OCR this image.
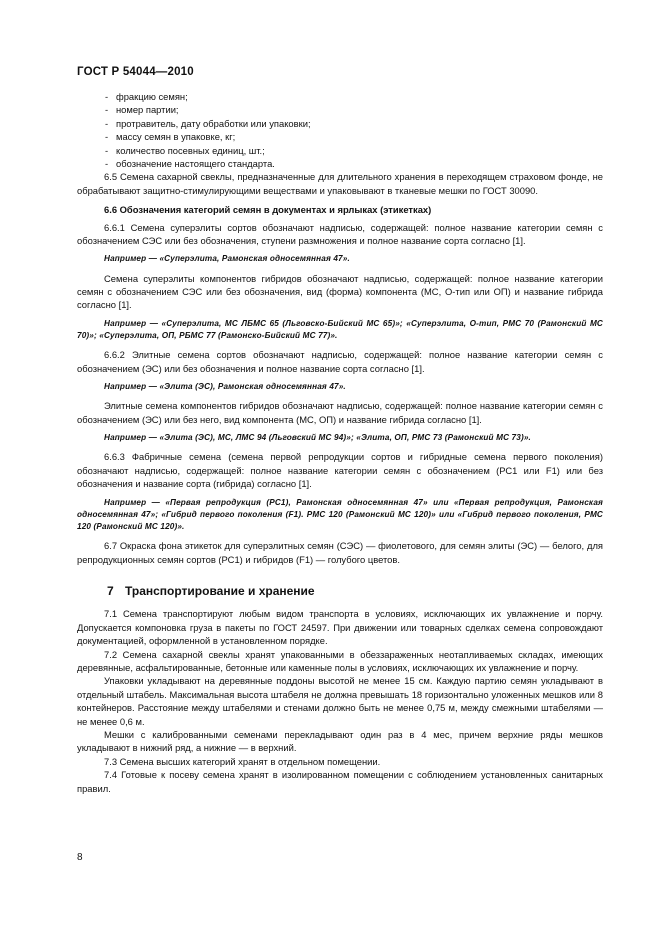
ГОСТ Р 54044—2010

- фракцию семян;

- номер партии;

- протравитель, дату обработки или упаковки;

- массу семян в упаковке, кг;

- количество посевных единиц, шт.;

- обозначение настоящего стандарта.

6.5 Семена сахарной свеклы, предназначенные для длительного хранения в переходящем страховом фонде, не обрабатывают защитно-стимулирующими веществами и упаковывают в тканевые мешки по ГОСТ 30090.

6.6 Обозначения категорий семян в документах и ярлыках (этикетках)

6.6.1 Семена суперэлиты сортов обозначают надписью, содержащей: полное название категории семян с обозначением СЭС или без обозначения, ступени размножения и полное название сорта согласно [1].

Например — «Суперэлита, Рамонская односемянная 47».

Семена суперэлиты компонентов гибридов обозначают надписью, содержащей: полное название категории семян с обозначением СЭС или без обозначения, вид (форма) компонента (МС, О-тип или ОП) и название гибрида согласно [1].

Например — «Суперэлита, МС ЛБМС 65 (Льговско-Бийский МС 65)»; «Суперэлита, О-тип, РМС 70 (Рамонский МС 70)»; «Суперэлита, ОП, РБМС 77 (Рамонско-Бийский МС 77)».

6.6.2 Элитные семена сортов обозначают надписью, содержащей: полное название категории семян с обозначением (ЭС) или без обозначения и полное название сорта согласно [1].

Например — «Элита (ЭС), Рамонская односемянная 47».

Элитные семена компонентов гибридов обозначают надписью, содержащей: полное название категории семян с обозначением (ЭС) или без него, вид компонента (МС, ОП) и название гибрида согласно [1].

Например — «Элита (ЭС), МС, ЛМС 94 (Льговский МС 94)»; «Элита, ОП, РМС 73 (Рамонский МС 73)».

6.6.3 Фабричные семена (семена первой репродукции сортов и гибридные семена первого поколения) обозначают надписью, содержащей: полное название категории семян с обозначением (РС1 или F1) или без обозначения и название сорта (гибрида) согласно [1].

Например — «Первая репродукция (РС1), Рамонская односемянная 47» или «Первая репродукция, Рамонская односемянная 47»; «Гибрид первого поколения (F1). РМС 120 (Рамонский МС 120)» или «Гибрид первого поколения, РМС 120 (Рамонский МС 120)».

6.7 Окраска фона этикеток для суперэлитных семян (СЭС) — фиолетового, для семян элиты (ЭС) — белого, для репродукционных семян сортов (РС1) и гибридов (F1) — голубого цветов.

7 Транспортирование и хранение

7.1 Семена транспортируют любым видом транспорта в условиях, исключающих их увлажнение и порчу. Допускается компоновка груза в пакеты по ГОСТ 24597. При движении или товарных сделках семена сопровождают документацией, оформленной в установленном порядке.

7.2 Семена сахарной свеклы хранят упакованными в обеззараженных неотапливаемых складах, имеющих деревянные, асфальтированные, бетонные или каменные полы в условиях, исключающих их увлажнение и порчу.

Упаковки укладывают на деревянные поддоны высотой не менее 15 см. Каждую партию семян укладывают в отдельный штабель. Максимальная высота штабеля не должна превышать 18 горизонтально уложенных мешков или 8 контейнеров. Расстояние между штабелями и стенами должно быть не менее 0,75 м, между смежными штабелями — не менее 0,6 м.

Мешки с калиброванными семенами перекладывают один раз в 4 мес, причем верхние ряды мешков укладывают в нижний ряд, а нижние — в верхний.

7.3 Семена высших категорий хранят в отдельном помещении.

7.4 Готовые к посеву семена хранят в изолированном помещении с соблюдением установленных санитарных правил.

8
